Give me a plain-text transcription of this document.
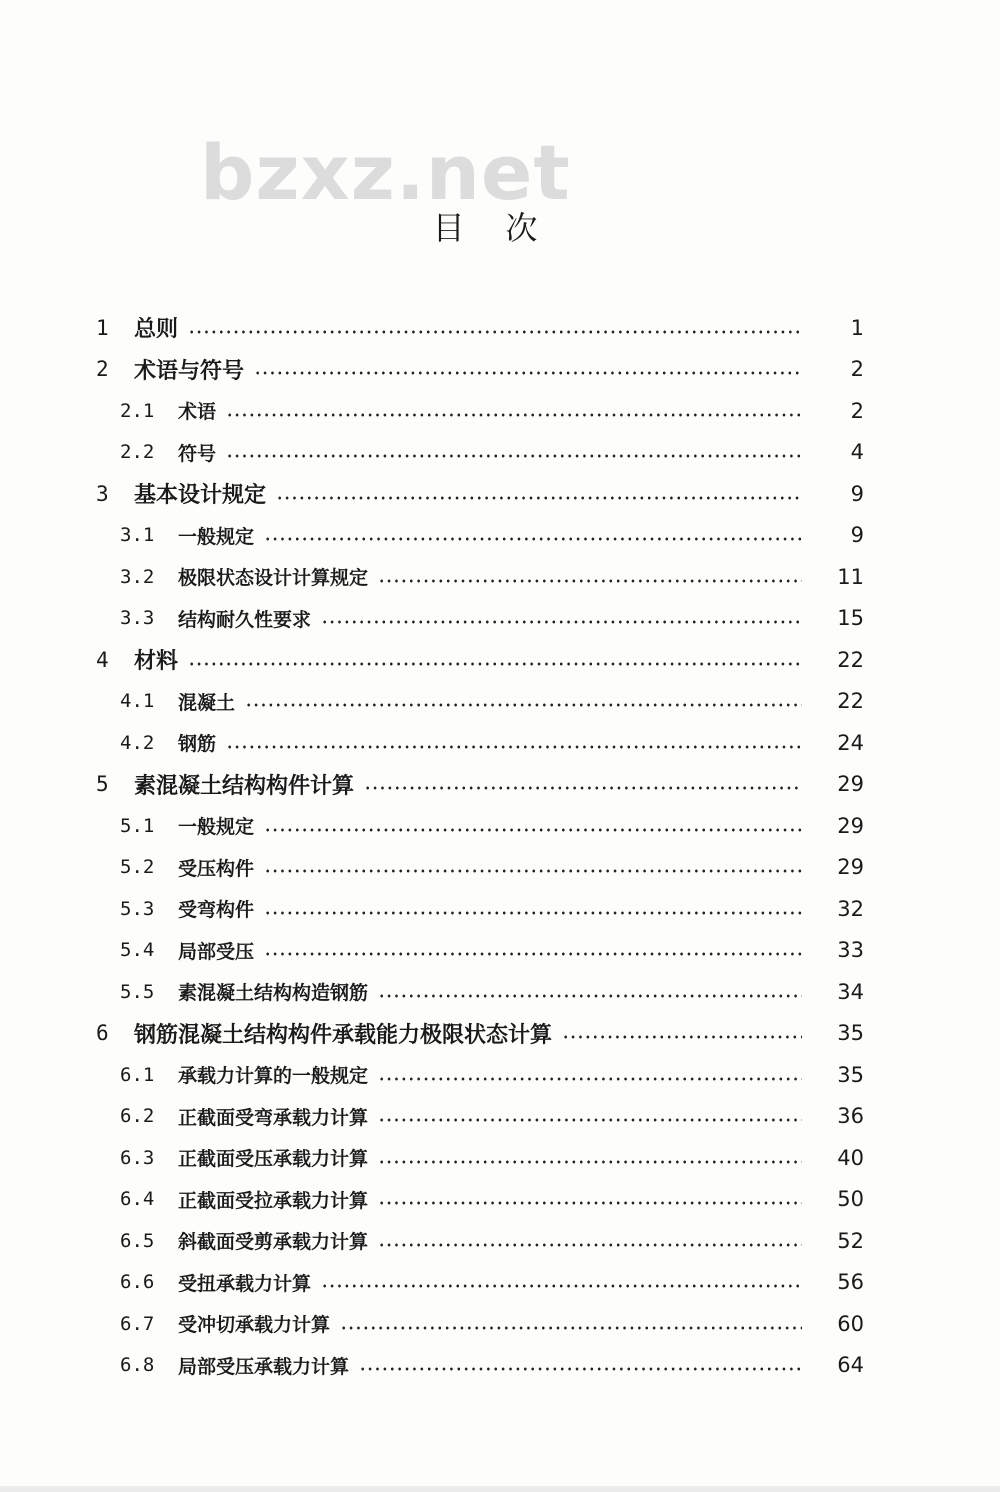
bzxz.net
目    次
1	总则	1
2	术语与符号	2
2.1	术语	2
2.2	符号	4
3	基本设计规定	9
3.1	一般规定	9
3.2	极限状态设计计算规定	11
3.3	结构耐久性要求	15
4	材料	22
4.1	混凝土	22
4.2	钢筋	24
5	素混凝土结构构件计算	29
5.1	一般规定	29
5.2	受压构件	29
5.3	受弯构件	32
5.4	局部受压	33
5.5	素混凝土结构构造钢筋	34
6	钢筋混凝土结构构件承载能力极限状态计算	35
6.1	承载力计算的一般规定	35
6.2	正截面受弯承载力计算	36
6.3	正截面受压承载力计算	40
6.4	正截面受拉承载力计算	50
6.5	斜截面受剪承载力计算	52
6.6	受扭承载力计算	56
6.7	受冲切承载力计算	60
6.8	局部受压承载力计算	64
